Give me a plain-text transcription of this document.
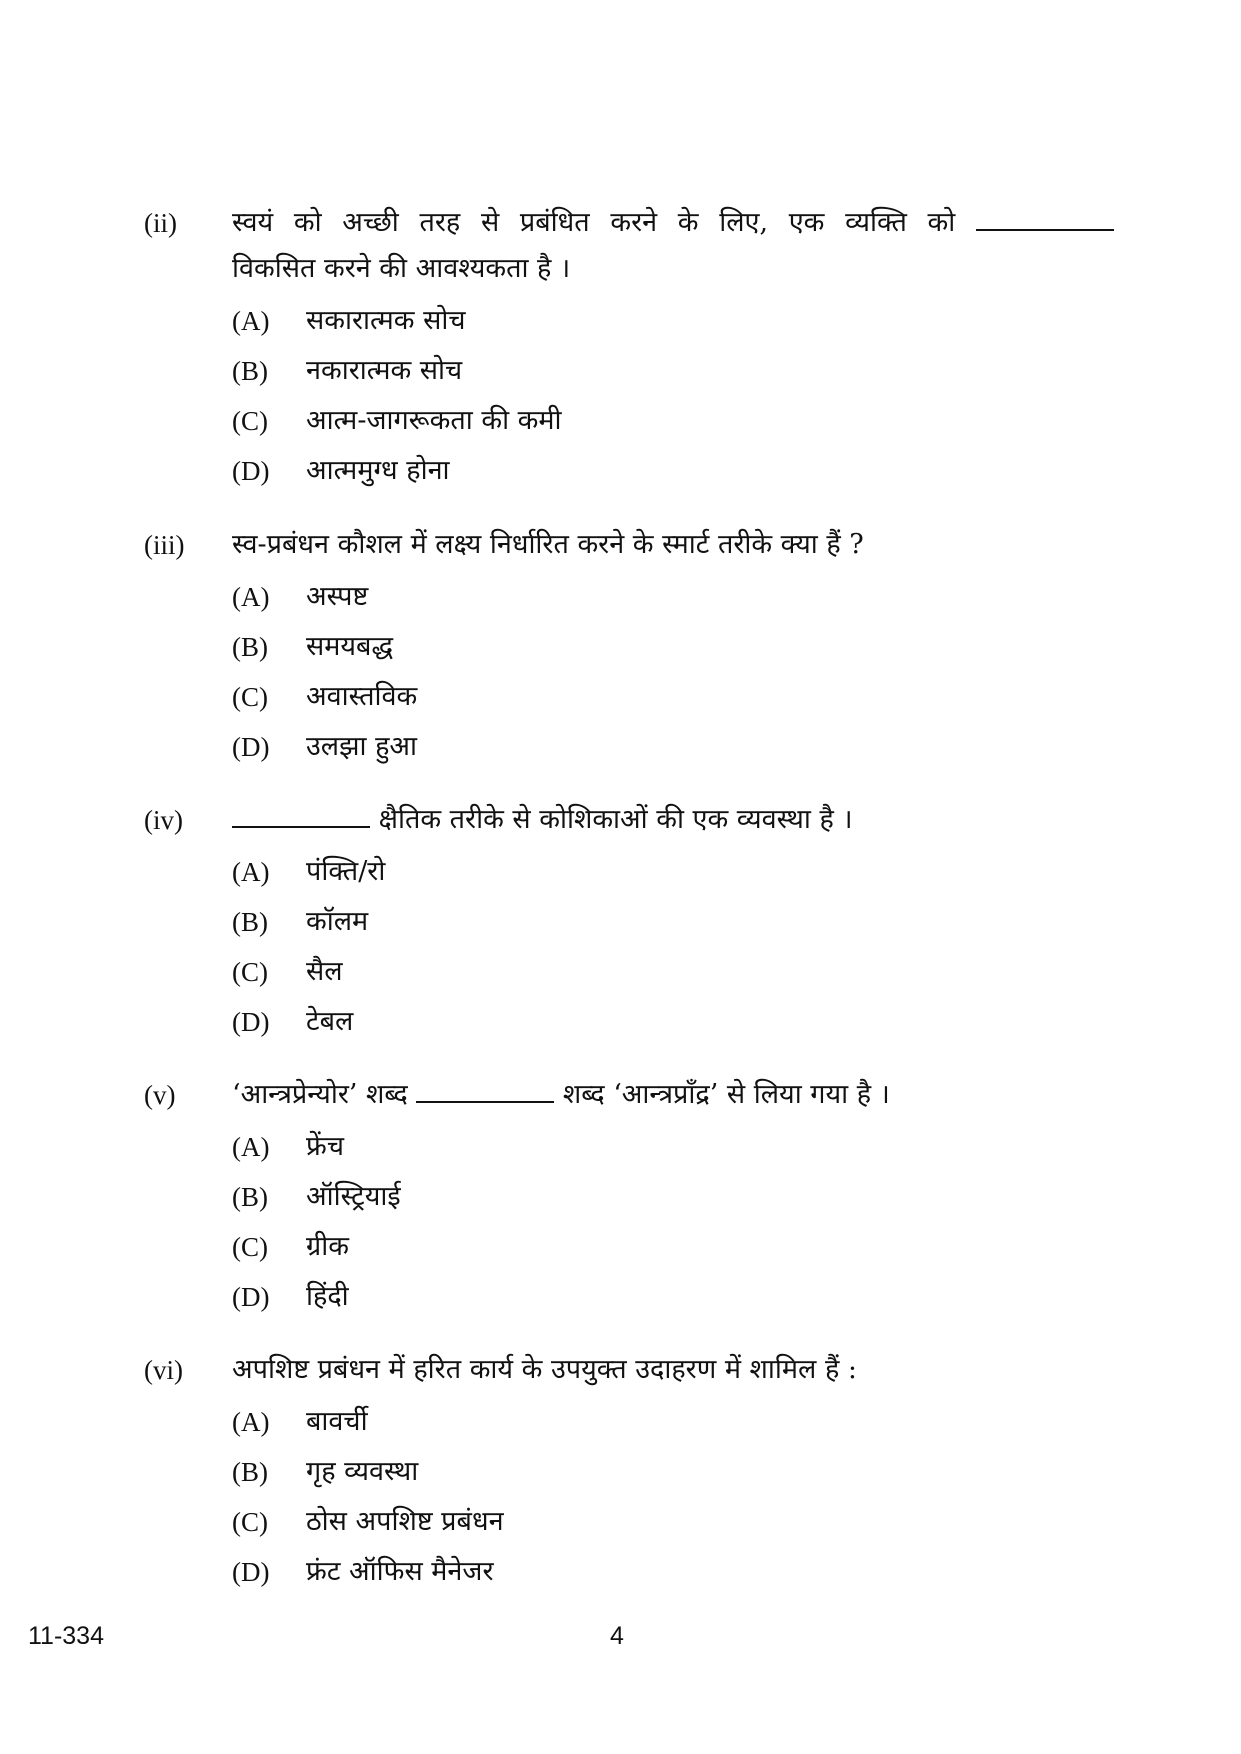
(ii) स्वयं को अच्छी तरह से प्रबंधित करने के लिए, एक व्यक्ति को
विकसित करने की आवश्यकता है ।
(A) सकारात्मक सोच
(B) नकारात्मक सोच
(C) आत्म-जागरूकता की कमी
(D) आत्ममुग्ध होना
(iii) स्व-प्रबंधन कौशल में लक्ष्य निर्धारित करने के स्मार्ट तरीके क्या हैं ?
(A) अस्पष्ट
(B) समयबद्ध
(C) अवास्तविक
(D) उलझा हुआ
(iv)	क्षैतिक तरीके से कोशिकाओं की एक व्यवस्था है ।
(A) पंक्ति/रो
(B) कॉलम
(C) सैल
(D) टेबल
(v) ‘आन्त्रप्रेन्योर’ शब्द	शब्द ‘आन्त्रप्राँद्र’ से लिया गया है ।
(A) फ्रेंच
(B) ऑस्ट्रियाई
(C) ग्रीक
(D) हिंदी
(vi) अपशिष्ट प्रबंधन में हरित कार्य के उपयुक्त उदाहरण में शामिल हैं :
(A) बावर्ची
(B) गृह व्यवस्था
(C) ठोस अपशिष्ट प्रबंधन
(D) फ्रंट ऑफिस मैनेजर
11-334	4
